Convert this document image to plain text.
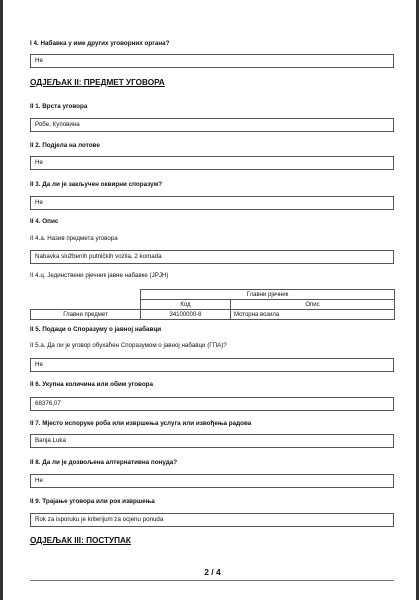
I 4. Набавка у име других уговорних органа?
Не
ОДЈЕЉАК II: ПРЕДМЕТ УГОВОРА
II 1. Врста уговора
Робе, Куповина
II 2. Подјела на лотове
Не
II 3. Да ли је закључен оквирни споразум?
Не
II 4. Опис
II 4.a. Назив предмета уговора
Nabavka službenih putničkih vozila, 2 komada
II 4.ц. Јединствени рјечник јавне набавке (ЈРЈН)
	Главни рјечник	
	Код	Опис
Главни предмет	34100000-8	Моторна возила
II 5. Подаци о Споразуму о јавној набавци
II 5.a. Да ли је уговор обухаћен Споразумом о јавној набавци (ГПА)?
Не
II 6. Укупна количина или обим уговора
68376,07
II 7. Мјесто испоруке роба или извршења услуга или извођења радова
Banja Luka
II 8. Да ли је дозвољена алтернативна понуда?
Не
II 9. Трајање уговора или рок извршења
Rok za isporuku je kriterijum za ocjenu ponuda
ОДЈЕЉАК III: ПОСТУПАК
2 / 4
